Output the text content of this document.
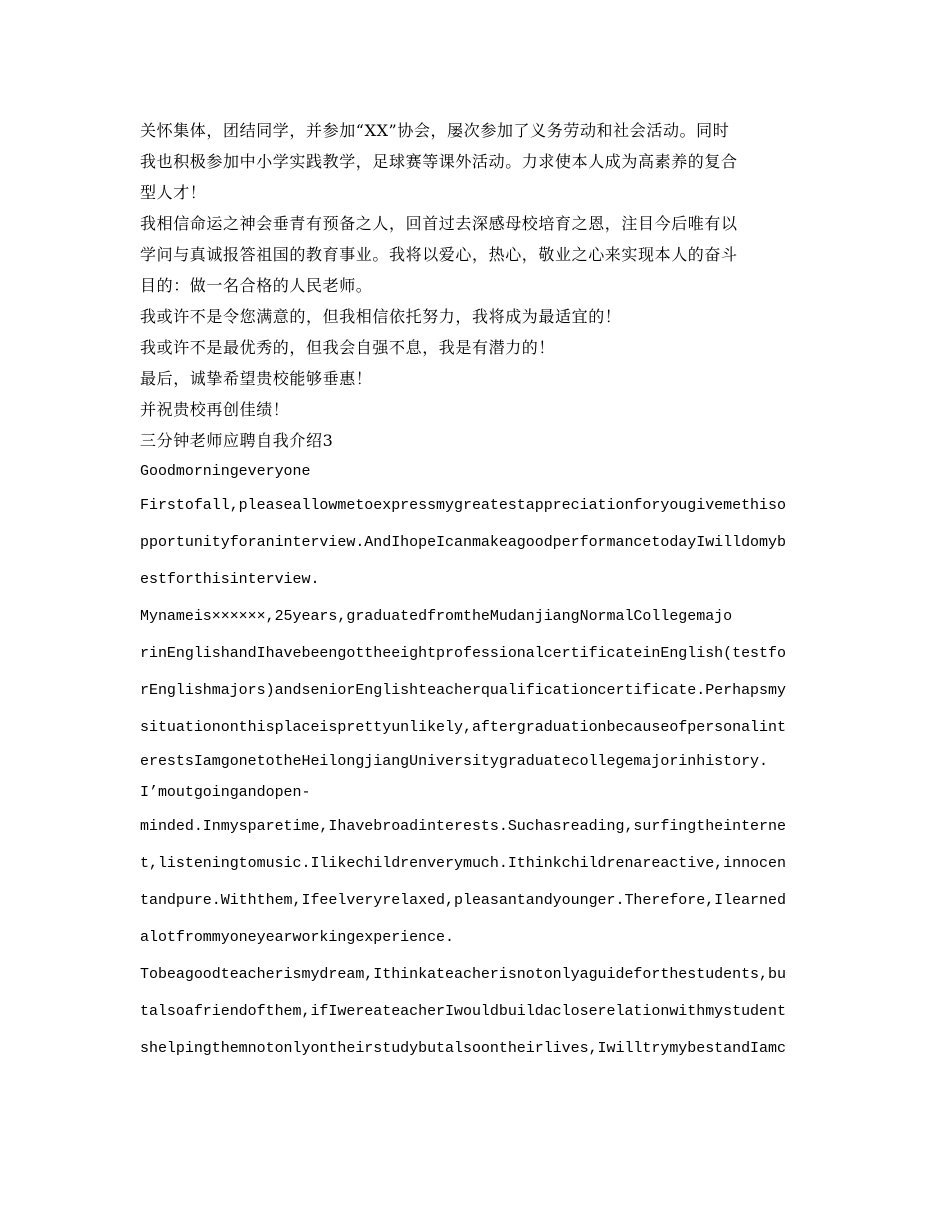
关怀集体，团结同学，并参加“XX”协会，屡次参加了义务劳动和社会活动。同时
我也积极参加中小学实践教学，足球赛等课外活动。力求使本人成为高素养的复合
型人才！
我相信命运之神会垂青有预备之人，回首过去深感母校培育之恩，注目今后唯有以
学问与真诚报答祖国的教育事业。我将以爱心，热心，敬业之心来实现本人的奋斗
目的：做一名合格的人民老师。
我或许不是令您满意的，但我相信依托努力，我将成为最适宜的！
我或许不是最优秀的，但我会自强不息，我是有潜力的！
最后，诚挚希望贵校能够垂惠！
并祝贵校再创佳绩！
三分钟老师应聘自我介绍3
Goodmorningeveryone
Firstofall,pleaseallowmetoexpressmygreatestappreciationforyougivemethiso
pportunityforaninterview.AndIhopeIcanmakeagoodperformancetodayIwilldomyb
estforthisinterview.
Mynameis××××××,25years,graduatedfromtheMudanjiangNormalCollegemajo
rinEnglishandIhavebeengottheeightprofessionalcertificateinEnglish(testfo
rEnglishmajors)andseniorEnglishteacherqualificationcertificate.Perhapsmy
situationonthisplaceisprettyunlikely,aftergraduationbecauseofpersonalint
erestsIamgonetotheHeilongjiangUniversitygraduatecollegemajorinhistory.
I’moutgoingandopen-
minded.Inmysparetime,Ihavebroadinterests.Suchasreading,surfingtheinterne
t,listeningtomusic.Ilikechildrenverymuch.Ithinkchildrenareactive,innocen
tandpure.Withthem,Ifeelveryrelaxed,pleasantandyounger.Therefore,Ilearned
alotfrommyoneyearworkingexperience.
Tobeagoodteacherismydream,Ithinkateacherisnotonlyaguideforthestudents,bu
talsoafriendofthem,ifIwereateacherIwouldbuildacloserelationwithmystudent
shelpingthemnotonlyontheirstudybutalsoontheirlives,IwilltrymybestandIamc
